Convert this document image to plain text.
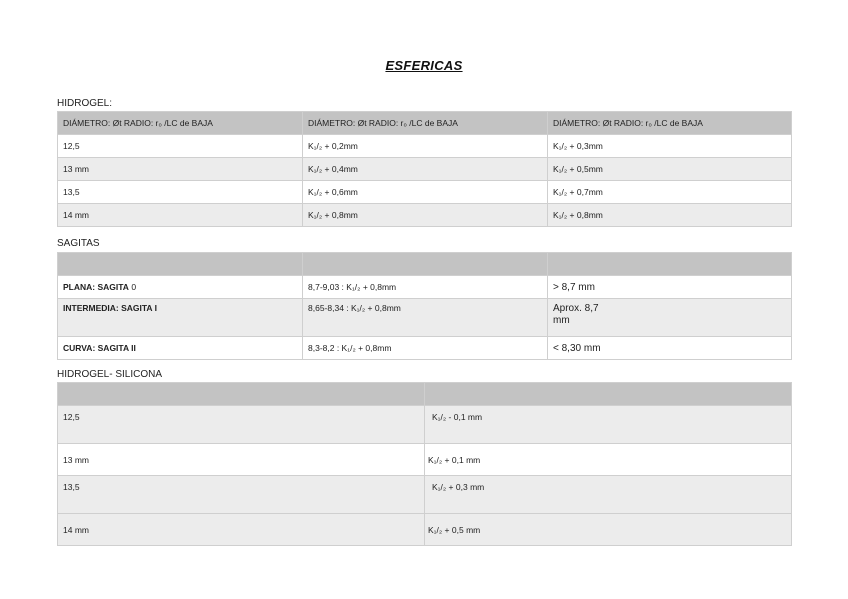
ESFERICAS
HIDROGEL:
DIÁMETRO: Øt RADIO: r₀ /LC de BAJA	DIÁMETRO: Øt RADIO: r₀ /LC de BAJA	DIÁMETRO: Øt RADIO: r₀ /LC de BAJA
12,5	K₁/₂ + 0,2mm	K₁/₂ + 0,3mm
13 mm	K₁/₂ + 0,4mm	K₁/₂ + 0,5mm
13,5	K₁/₂ + 0,6mm	K₁/₂ + 0,7mm
14 mm	K₁/₂ + 0,8mm	K₁/₂ + 0,8mm
SAGITAS

PLANA: SAGITA 0	8,7-9,03 : K₁/₂ + 0,8mm	> 8,7 mm
INTERMEDIA: SAGITA I	8,65-8,34 : K₁/₂ + 0,8mm	Aprox. 8,7
mm
CURVA: SAGITA II	8,3-8,2 : K₁/₂ + 0,8mm	< 8,30 mm
HIDROGEL- SILICONA

12,5	K₁/₂ - 0,1 mm
13 mm	K₁/₂ + 0,1 mm
13,5	K₁/₂ + 0,3 mm
14 mm	K₁/₂ + 0,5 mm
